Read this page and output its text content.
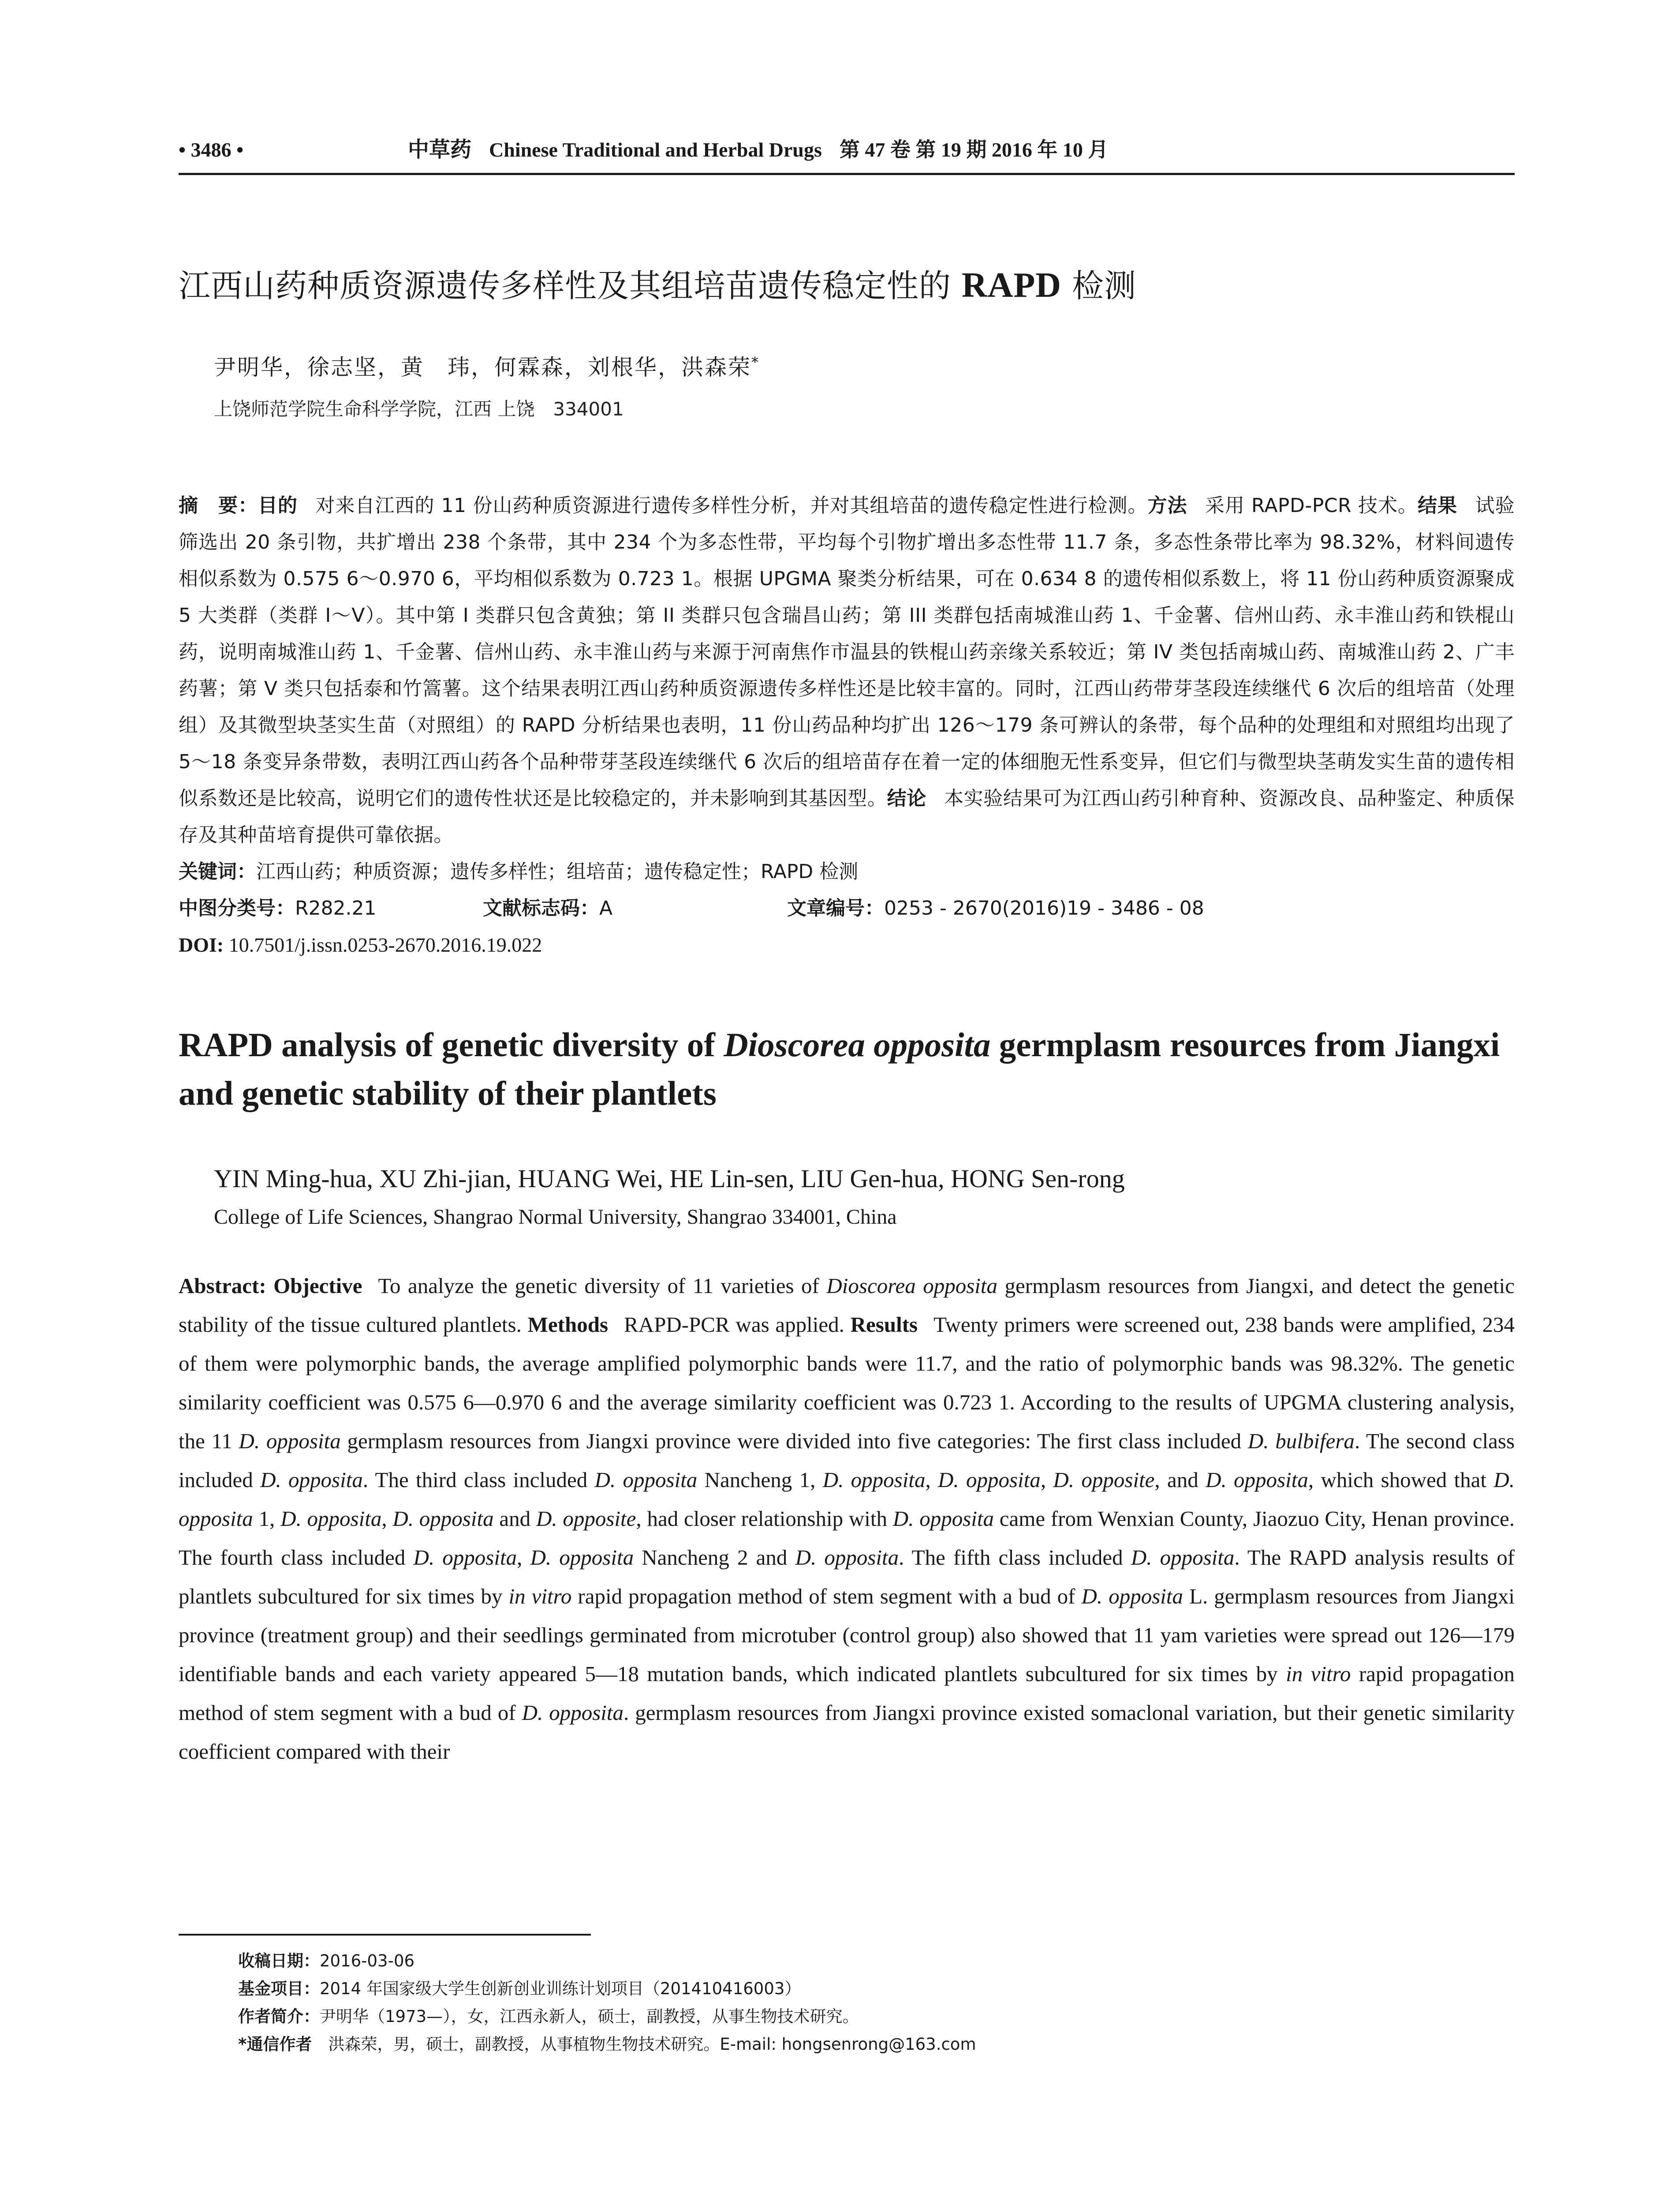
• 3486 •	中草药 Chinese Traditional and Herbal Drugs 第 47 卷 第 19 期 2016 年 10 月
江西山药种质资源遗传多样性及其组培苗遗传稳定性的 RAPD 检测
尹明华，徐志坚，黄　玮，何霖森，刘根华，洪森荣*
上饶师范学院生命科学学院，江西 上饶　334001
摘　要：目的 对来自江西的 11 份山药种质资源进行遗传多样性分析，并对其组培苗的遗传稳定性进行检测。方法 采用 RAPD-PCR 技术。结果 试验筛选出 20 条引物，共扩增出 238 个条带，其中 234 个为多态性带，平均每个引物扩增出多态性带 11.7 条，多态性条带比率为 98.32%，材料间遗传相似系数为 0.575 6～0.970 6，平均相似系数为 0.723 1。根据 UPGMA 聚类分析结果，可在 0.634 8 的遗传相似系数上，将 11 份山药种质资源聚成 5 大类群（类群 I～V）。其中第 I 类群只包含黄独；第 II 类群只包含瑞昌山药；第 III 类群包括南城淮山药 1、千金薯、信州山药、永丰淮山药和铁棍山药，说明南城淮山药 1、千金薯、信州山药、永丰淮山药与来源于河南焦作市温县的铁棍山药亲缘关系较近；第 IV 类包括南城山药、南城淮山药 2、广丰药薯；第 V 类只包括泰和竹篙薯。这个结果表明江西山药种质资源遗传多样性还是比较丰富的。同时，江西山药带芽茎段连续继代 6 次后的组培苗（处理组）及其微型块茎实生苗（对照组）的 RAPD 分析结果也表明，11 份山药品种均扩出 126～179 条可辨认的条带，每个品种的处理组和对照组均出现了 5～18 条变异条带数，表明江西山药各个品种带芽茎段连续继代 6 次后的组培苗存在着一定的体细胞无性系变异，但它们与微型块茎萌发实生苗的遗传相似系数还是比较高，说明它们的遗传性状还是比较稳定的，并未影响到其基因型。结论 本实验结果可为江西山药引种育种、资源改良、品种鉴定、种质保存及其种苗培育提供可靠依据。
关键词：江西山药；种质资源；遗传多样性；组培苗；遗传稳定性；RAPD 检测
中图分类号：R282.21	文献标志码：A	文章编号：0253 - 2670(2016)19 - 3486 - 08
DOI: 10.7501/j.issn.0253-2670.2016.19.022
RAPD analysis of genetic diversity of Dioscorea opposita germplasm resources from Jiangxi and genetic stability of their plantlets
YIN Ming-hua, XU Zhi-jian, HUANG Wei, HE Lin-sen, LIU Gen-hua, HONG Sen-rong
College of Life Sciences, Shangrao Normal University, Shangrao 334001, China
Abstract: Objective To analyze the genetic diversity of 11 varieties of Dioscorea opposita germplasm resources from Jiangxi, and detect the genetic stability of the tissue cultured plantlets. Methods RAPD-PCR was applied. Results Twenty primers were screened out, 238 bands were amplified, 234 of them were polymorphic bands, the average amplified polymorphic bands were 11.7, and the ratio of polymorphic bands was 98.32%. The genetic similarity coefficient was 0.575 6—0.970 6 and the average similarity coefficient was 0.723 1. According to the results of UPGMA clustering analysis, the 11 D. opposita germplasm resources from Jiangxi province were divided into five categories: The first class included D. bulbifera. The second class included D. opposita. The third class included D. opposita Nancheng 1, D. opposita, D. opposita, D. opposite, and D. opposita, which showed that D. opposita 1, D. opposita, D. opposita and D. opposite, had closer relationship with D. opposita came from Wenxian County, Jiaozuo City, Henan province. The fourth class included D. opposita, D. opposita Nancheng 2 and D. opposita. The fifth class included D. opposita. The RAPD analysis results of plantlets subcultured for six times by in vitro rapid propagation method of stem segment with a bud of D. opposita L. germplasm resources from Jiangxi province (treatment group) and their seedlings germinated from microtuber (control group) also showed that 11 yam varieties were spread out 126—179 identifiable bands and each variety appeared 5—18 mutation bands, which indicated plantlets subcultured for six times by in vitro rapid propagation method of stem segment with a bud of D. opposita. germplasm resources from Jiangxi province existed somaclonal variation, but their genetic similarity coefficient compared with their
收稿日期：2016-03-06
基金项目：2014 年国家级大学生创新创业训练计划项目（201410416003）
作者简介：尹明华（1973—），女，江西永新人，硕士，副教授，从事生物技术研究。
*通信作者　 洪森荣，男，硕士，副教授，从事植物生物技术研究。E-mail: hongsenrong@163.com
